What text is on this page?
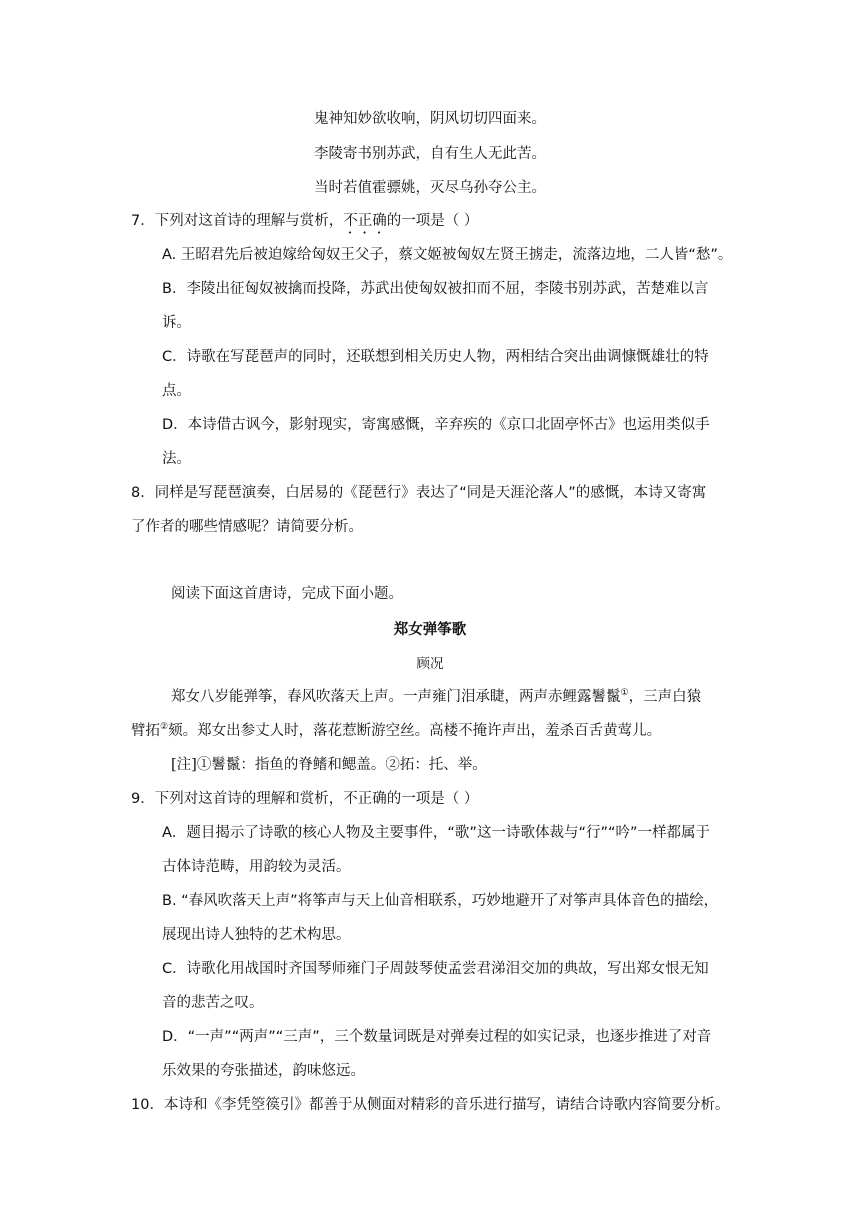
鬼神知妙欲收响，阴风切切四面来。
李陵寄书别苏武，自有生人无此苦。
当时若值霍骠姚，灭尽乌孙夺公主。
7．下列对这首诗的理解与赏析，不正确的一项是（ ）
A. 王昭君先后被迫嫁给匈奴王父子，蔡文姬被匈奴左贤王掳走，流落边地，二人皆“愁”。
B．李陵出征匈奴被擒而投降，苏武出使匈奴被扣而不屈，李陵书别苏武，苦楚难以言
诉。
C．诗歌在写琵琶声的同时，还联想到相关历史人物，两相结合突出曲调慷慨雄壮的特
点。
D．本诗借古讽今，影射现实，寄寓感慨，辛弃疾的《京口北固亭怀古》也运用类似手
法。
8．同样是写琵琶演奏，白居易的《琵琶行》表达了“同是天涯沦落人”的感慨，本诗又寄寓
了作者的哪些情感呢？请简要分析。
阅读下面这首唐诗，完成下面小题。
郑女弹筝歌
顾况
郑女八岁能弹筝，春风吹落天上声。一声雍门泪承睫，两声赤鲤露鬐鬣①，三声白猿
臂拓②颏。郑女出参丈人时，落花惹断游空丝。高楼不掩许声出，羞杀百舌黄莺儿。
[注]①鬐鬣：指鱼的脊鳍和鳃盖。②拓：托、举。
9．下列对这首诗的理解和赏析，不正确的一项是（ ）
A．题目揭示了诗歌的核心人物及主要事件，“歌”这一诗歌体裁与“行”“吟”一样都属于
古体诗范畴，用韵较为灵活。
B. “春风吹落天上声”将筝声与天上仙音相联系，巧妙地避开了对筝声具体音色的描绘，
展现出诗人独特的艺术构思。
C．诗歌化用战国时齐国琴师雍门子周鼓琴使孟尝君涕泪交加的典故，写出郑女恨无知
音的悲苦之叹。
D．“一声”“两声”“三声”，三个数量词既是对弹奏过程的如实记录，也逐步推进了对音
乐效果的夸张描述，韵味悠远。
10．本诗和《李凭箜篌引》都善于从侧面对精彩的音乐进行描写，请结合诗歌内容简要分析。
